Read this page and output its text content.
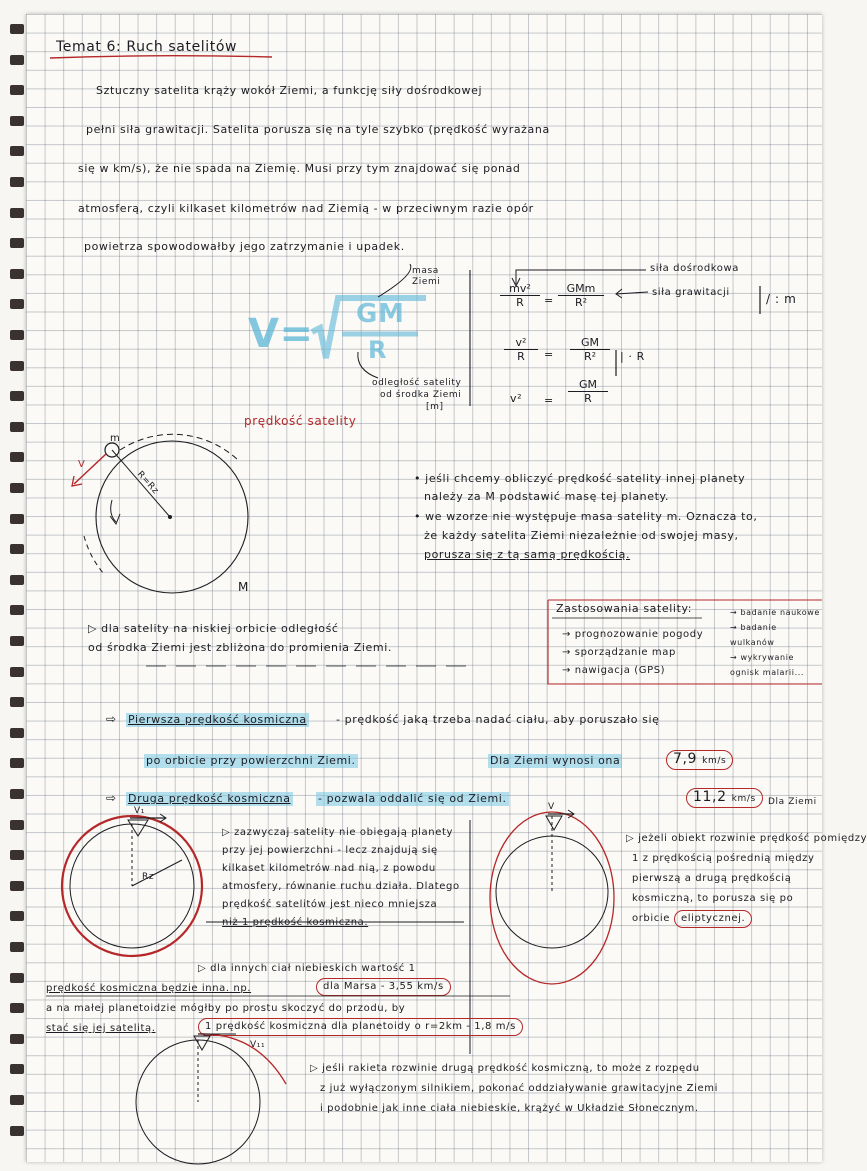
Temat 6: Ruch satelitów
Sztuczny satelita krąży wokół Ziemi, a funkcję siły dośrodkowej
pełni siła grawitacji. Satelita porusza się na tyle szybko (prędkość wyrażana
się w km/s), że nie spada na Ziemię. Musi przy tym znajdować się ponad
atmosferą, czyli kilkaset kilometrów nad Ziemią - w przeciwnym razie opór
powietrza spowodowałby jego zatrzymanie i upadek.
V= GM
R
masa Ziemi
odległość satelity
od środka Ziemi
[m]
prędkość satelity
siła dośrodkowa
siła grawitacji
$\frac{\text{mv²}}{R}$ =
GMm
R²	/ : m
$\frac{\text{v²}}{R} = \frac{GM}{\text{R²}}$ | · R
$v^2 = \frac{GM}{R}$
V
m
R=Rz
M
• jeśli chcemy obliczyć prędkość satelity innej planety
należy za M podstawić masę tej planety.
• we wzorze nie występuje masa satelity m. Oznacza to,
że każdy satelita Ziemi niezależnie od swojej masy,
porusza się z tą samą prędkością.
▷ dla satelity na niskiej orbicie odległość
od środka Ziemi jest zbliżona do promienia Ziemi.
Zastosowania satelity:
→ prognozowanie pogody
→ sporządzanie map
→ nawigacja (GPS)
→ badanie naukowe
→ badanie
wulkanów
→ wykrywanie
ognisk malarii...
⇨ Pierwsza prędkość kosmiczna	- prędkość jaką trzeba nadać ciału, aby poruszało się
po orbicie przy powierzchni Ziemi.	Dla Ziemi wynosi ona	7,9 km/s
⇨ Druga prędkość kosmiczna - pozwala oddalić się od Ziemi.	11,2 km/s	Dla Ziemi
V₁
Rz
▷ zazwyczaj satelity nie obiegają planety
przy jej powierzchni - lecz znajdują się
kilkaset kilometrów nad nią, z powodu
atmosfery, równanie ruchu działa. Dlatego
prędkość satelitów jest nieco mniejsza
niż 1 prędkość kosmiczna.
V
▷ jeżeli obiekt rozwinie prędkość pomiędzy
1 z prędkością pośrednią między
pierwszą a drugą prędkością
kosmiczną, to porusza się po
orbicie	eliptycznej.
▷ dla innych ciał niebieskich wartość 1
prędkość kosmiczna będzie inna. np.	dla Marsa - 3,55 km/s
a na małej planetoidzie mógłby po prostu skoczyć do przodu, by
stać się jej satelitą.	1 prędkość kosmiczna dla planetoidy o r=2km - 1,8 m/s
V₁₁
▷ jeśli rakieta rozwinie drugą prędkość kosmiczną, to może z rozpędu
z już wyłączonym silnikiem, pokonać oddziaływanie grawitacyjne Ziemi
i podobnie jak inne ciała niebieskie, krążyć w Układzie Słonecznym.
